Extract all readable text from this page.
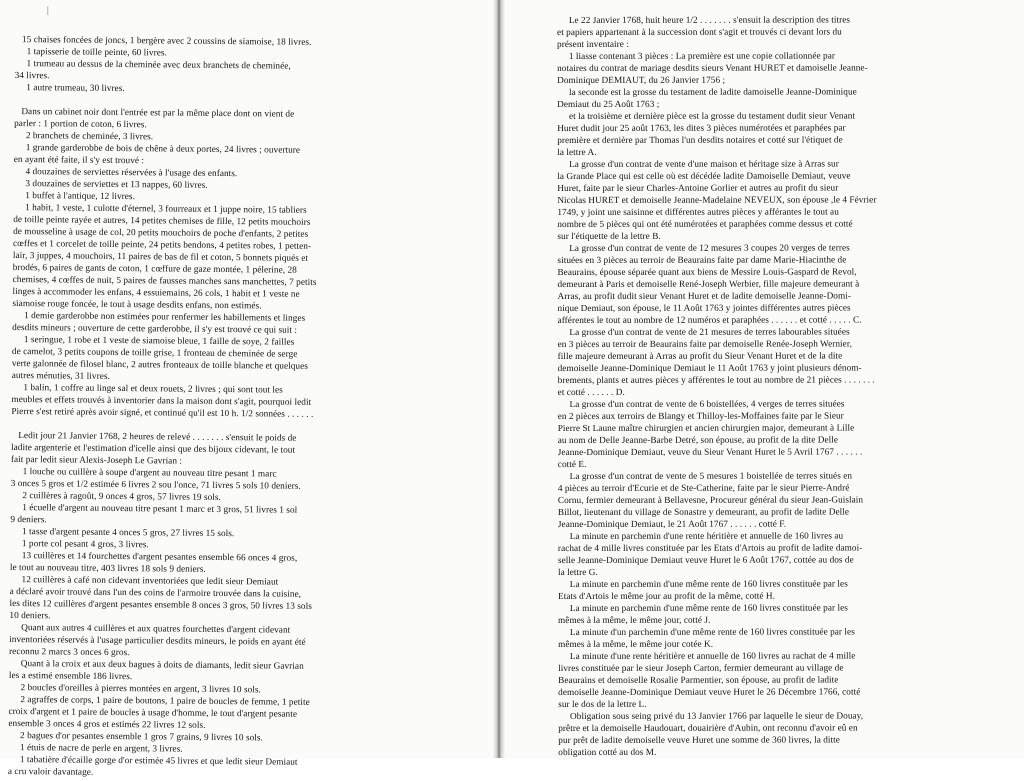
|
15 chaises foncées de joncs, 1 bergère avec 2 coussins de siamoise, 18 livres.
1 tapisserie de toille peinte, 60 livres.
1 trumeau au dessus de la cheminée avec deux branchets de cheminée,
34 livres.
1 autre trumeau, 30 livres.
Dans un cabinet noir dont l'entrée est par la même place dont on vient de
parler : 1 portion de coton, 6 livres.
2 branchets de cheminée, 3 livres.
1 grande garderobbe de bois de chêne à deux portes, 24 livres ; ouverture
en ayant été faite, il s'y est trouvé :
4 douzaines de serviettes réservées à l'usage des enfants.
3 douzaines de serviettes et 13 nappes, 60 livres.
1 buffet à l'antique, 12 livres.
1 habit, 1 veste, 1 culotte d'éternel, 3 fourreaux et 1 juppe noire, 15 tabliers
de toille peinte rayée et autres, 14 petites chemises de fille, 12 petits mouchoirs
de mousseline à usage de col, 20 petits mouchoirs de poche d'enfants, 2 petites
cœffes et 1 corcelet de toille peinte, 24 petits bendons, 4 petites robes, 1 petten-
lair, 3 juppes, 4 mouchoirs, 11 paires de bas de fil et coton, 5 bonnets piqués et
brodés, 6 paires de gants de coton, 1 cœffure de gaze montée, 1 pélerine, 28
chemises, 4 cœffes de nuit, 5 paires de fausses manches sans manchettes, 7 petits
linges à accommoder les enfans, 4 essuiemains, 26 cols, 1 habit et 1 veste ne
siamoise rouge foncée, le tout à usage desdits enfans, non estimés.
1 demie garderobbe non estimées pour renfermer les habillements et linges
desdits mineurs ; ouverture de cette garderobbe, il s'y est trouvé ce qui suit :
1 seringue, 1 robe et 1 veste de siamoise bleue, 1 faille de soye, 2 failles
de camelot, 3 petits coupons de toille grise, 1 fronteau de cheminée de serge
verte galonnée de filosel blanc, 2 autres fronteaux de toille blanche et quelques
autres ménuties, 31 livres.
1 balin, 1 coffre au linge sal et deux rouets, 2 livres ; qui sont tout les
meubles et effets trouvés à inventorier dans la maison dont s'agit, pourquoi ledit
Pierre s'est retiré après avoir signé, et continué qu'il est 10 h. 1/2 sonnées . . . . . .
Ledit jour 21 Janvier 1768, 2 heures de relevé . . . . . . . s'ensuit le poids de
ladite argenterie et l'estimation d'icelle ainsi que des bijoux cidevant, le tout
fait par ledit sieur Alexis-Joseph Le Gavrian :
1 louche ou cuillère à soupe d'argent au nouveau titre pesant 1 marc
3 onces 5 gros et 1/2 estimée 6 livres 2 sou l'once, 71 livres 5 sols 10 deniers.
2 cuillères à ragoût, 9 onces 4 gros, 57 livres 19 sols.
1 écuelle d'argent au nouveau titre pesant 1 marc et 3 gros, 51 livres 1 sol
9 deniers.
1 tasse d'argent pesante 4 onces 5 gros, 27 livres 15 sols.
1 porte col pesant 4 gros, 3 livres.
13 cuillères et 14 fourchettes d'argent pesantes ensemble 66 onces 4 gros,
le tout au nouveau titre, 403 livres 18 sols 9 deniers.
12 cuillères à café non cidevant inventoriées que ledit sieur Demiaut
a déclaré avoir trouvé dans l'un des coins de l'armoire trouvée dans la cuisine,
les dites 12 cuillères d'argent pesantes ensemble 8 onces 3 gros, 50 livres 13 sols
10 deniers.
Quant aux autres 4 cuillères et aux quatres fourchettes d'argent cidevant
inventoriées réservés à l'usage particulier desdits mineurs, le poids en ayant été
reconnu 2 marcs 3 onces 6 gros.
Quant à la croix et aux deux bagues à doits de diamants, ledit sieur Gavrian
les a estimé ensemble 186 livres.
2 boucles d'oreilles à pierres montées en argent, 3 livres 10 sols.
2 agraffes de corps, 1 paire de boutons, 1 paire de boucles de femme, 1 petite
croix d'argent et 1 paire de boucles à usage d'homme, le tout d'argent pesante
ensemble 3 onces 4 gros et estimés 22 livres 12 sols.
2 bagues d'or pesantes ensemble 1 gros 7 grains, 9 livres 10 sols.
1 étuis de nacre de perle en argent, 3 livres.
1 tabatière d'écaille gorge d'or estimée 45 livres et que ledit sieur Demiaut
a cru valoir davantage.
Le 22 Janvier 1768, huit heure 1/2 . . . . . . . s'ensuit la description des titres
et papiers appartenant à la succession dont s'agit et trouvés ci devant lors du
présent inventaire :
1 liasse contenant 3 pièces : La première est une copie collationnée par
notaires du contrat de mariage desdits sieurs Venant HURET et damoiselle Jeanne-
Dominique DEMIAUT, du 26 Janvier 1756 ;
la seconde est la grosse du testament de ladite damoiselle Jeanne-Dominique
Demiaut du 25 Août 1763 ;
et la troisième et dernière pièce est la grosse du testament dudit sieur Venant
Huret dudit jour 25 août 1763, les dites 3 pièces numérotées et paraphées par
première et dernière par Thomas l'un desdits notaires et cotté sur l'étiquet de
la lettre A.
La grosse d'un contrat de vente d'une maison et héritage size à Arras sur
la Grande Place qui est celle où est décédée ladite Damoiselle Demiaut, veuve
Huret, faite par le sieur Charles-Antoine Gorlier et autres au profit du sieur
Nicolas HURET et demoiselle Jeanne-Madelaine NEVEUX, son épouse ,le 4 Février
1749, y joint une saisinne et différentes autres pièces y afférantes le tout au
nombre de 5 pièces qui ont été numérotées et paraphées comme dessus et cotté
sur l'étiquette de la lettre B.
La grosse d'un contrat de vente de 12 mesures 3 coupes 20 verges de terres
situées en 3 pièces au terroir de Beaurains faite par dame Marie-Hiacinthe de
Beaurains, épouse séparée quant aux biens de Messire Louis-Gaspard de Revol,
demeurant à Paris et demoiselle René-Joseph Werbier, fille majeure demeurant à
Arras, au profit dudit sieur Venant Huret et de ladite demoiselle Jeanne-Domi-
nique Demiaut, son épouse, le 11 Août 1763 y jointes différentes autres pièces
afférentes le tout au nombre de 12 numéros et paraphées . . . . . . et cotté . . . . . C.
La grosse d'un contrat de vente de 21 mesures de terres labourables situées
en 3 pièces au terroir de Beaurains faite par demoiselle Renée-Joseph Wernier,
fille majeure demeurant à Arras au profit du Sieur Venant Huret et de la dite
demoiselle Jeanne-Dominique Demiaut le 11 Août 1763 y joint plusieurs dénom-
brements, plants et autres pièces y afférentes le tout au nombre de 21 pièces . . . . . . .
et cotté . . . . . . D.
La grosse d'un contrat de vente de 6 boistellées, 4 verges de terres situées
en 2 pièces aux terroirs de Blangy et Thilloy-les-Moffaines faite par le Sieur
Pierre St Laune maître chirurgien et ancien chirurgien major, demeurant à Lille
au nom de Delle Jeanne-Barbe Detré, son épouse, au profit de la dite Delle
Jeanne-Dominique Demiaut, veuve du Sieur Venant Huret le 5 Avril 1767 . . . . . .
cotté E.
La grosse d'un contrat de vente de 5 mesures 1 boistellée de terres situés en
4 pièces au terroir d'Ecurie et de Ste-Catherine, faite par le sieur Pierre-André
Cornu, fermier demeurant à Bellavesne, Procureur général du sieur Jean-Guislain
Billot, lieutenant du village de Sonastre y demeurant, au profit de ladite Delle
Jeanne-Dominique Demiaut, le 21 Août 1767 . . . . . . cotté F.
La minute en parchemin d'une rente héritière et annuelle de 160 livres au
rachat de 4 mille livres constituée par les Etats d'Artois au profit de ladite damoi-
selle Jeanne-Dominique Demiaut veuve Huret le 6 Août 1767, cottée au dos de
la lettre G.
La minute en parchemin d'une même rente de 160 livres constituée par les
Etats d'Artois le même jour au profit de la même, cotté H.
La minute en parchemin d'une même rente de 160 livres constituée par les
mêmes à la même, le même jour, cotté J.
La minute d'un parchemin d'une même rente de 160 livres constituée par les
mêmes à la même, le même jour cotée K.
La minute d'une rente héritière et annuelle de 160 livres au rachat de 4 mille
livres constituée par le sieur Joseph Carton, fermier demeurant au village de
Beaurains et demoiselle Rosalie Parmentier, son épouse, au profit de ladite
demoiselle Jeanne-Dominique Demiaut veuve Huret le 26 Décembre 1766, cotté
sur le dos de la lettre L.
Obligation sous seing privé du 13 Janvier 1766 par laquelle le sieur de Douay,
prêtre et la demoiselle Haudouart, douairière d'Aubin, ont reconnu d'avoir eû en
pur prêt de ladite demoiselle veuve Huret une somme de 360 livres, la ditte
obligation cotté au dos M.
